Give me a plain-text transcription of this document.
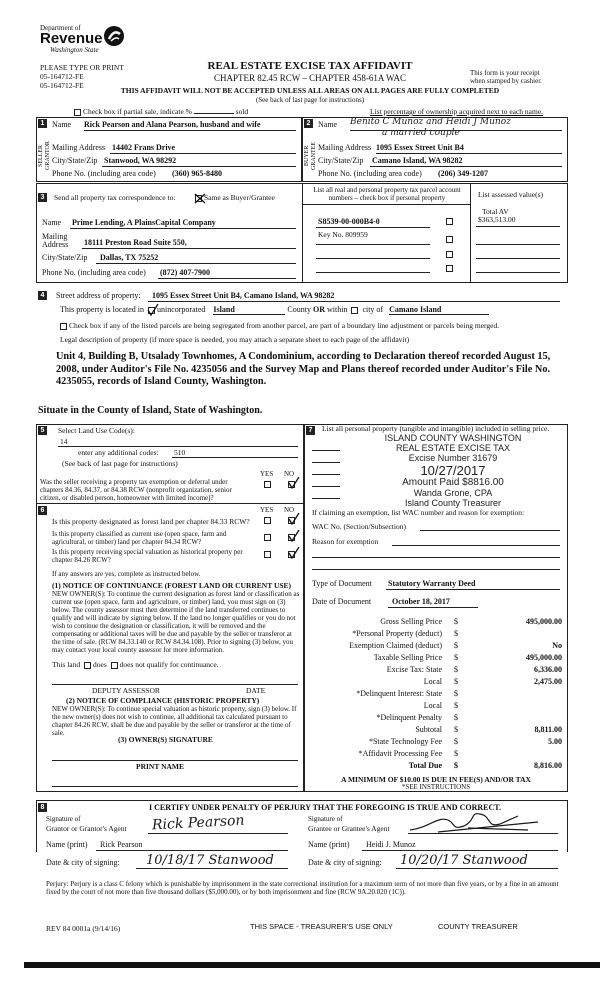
Department of
Revenue
Washington State
PLEASE TYPE OR PRINT
05-164712-FE
05-164712-FE
REAL ESTATE EXCISE TAX AFFIDAVIT
CHAPTER 82.45 RCW – CHAPTER 458-61A WAC	This form is your receipt
when stamped by cashier.
THIS AFFIDAVIT WILL NOT BE ACCEPTED UNLESS ALL AREAS ON ALL PAGES ARE FULLY COMPLETED
(See back of last page for instructions)
Check box if partial sale, indicate %	sold	List percentage of ownership acquired next to each name.
1
SELLER GRANTOR
Name Rick Pearson and Alana Pearson, husband and wife
Mailing Address 14402 Frans Drive
City/State/Zip Stanwood, WA 98292
Phone No. (including area code) (360) 965-8480
2
BUYER GRANTEE
Name Benito C Munoz and Heidi J Munoz
a married couple
Mailing Address 1095 Essex Street Unit B4
City/State/Zip Camano Island, WA 98282
Phone No. (including area code) (206) 349-1207
3	Send all property tax correspondence to:	Same as Buyer/Grantee
Name Prime Lending, A PlainsCapital Company
Mailing
Address 18111 Preston Road Suite 550,
City/State/Zip Dallas, TX 75252
Phone No. (including area code) (872) 407-7900
List all real and personal property tax parcel account
numbers – check box if personal property	List assessed value(s)
S8539-00-000B4-0
Total AV
$363,513.00
Key No. 809959
4	Street address of property: 1095 Essex Street Unit B4, Camano Island, WA 98282
This property is located in unincorporated Island	County OR within city of Camano Island
Check box if any of the listed parcels are being segregated from another parcel, are part of a boundary line adjustment or parcels being merged.
Legal description of property (if more space is needed, you may attach a separate sheet to each page of the affidavit)
Unit 4, Building B, Utsalady Townhomes, A Condominium, according to Declaration thereof recorded August 15, 2008, under Auditor's File No. 4235056 and the Survey Map and Plans thereof recorded under Auditor's File No. 4235055, records of Island County, Washington.
Situate in the County of Island, State of Washington.
5	Select Land Use Code(s):
14
enter any additional codes: 510
(See back of last page for instructions)
YES NO
Was the seller receiving a property tax exemption or deferral under chapters 84.36, 84.37, or 84.38 RCW (nonprofit organization, senior citizen, or disabled person, homeowner with limited income)?
6	YES NO
Is this property designated as forest land per chapter 84.33 RCW?
Is this property classified as current use (open space, farm and agricultural, or timber) land per chapter 84.34 RCW?
Is this property receiving special valuation as historical property per chapter 84.26 RCW?
If any answers are yes, complete as instructed below.
(1) NOTICE OF CONTINUANCE (FOREST LAND OR CURRENT USE)
NEW OWNER(S): To continue the current designation as forest land or classification as current use (open space, farm and agriculture, or timber) land, you must sign on (3) below. The county assessor must then determine if the land transferred continues to qualify and will indicate by signing below. If the land no longer qualifies or you do not wish to continue the designation or classification, it will be removed and the compensating or additional taxes will be due and payable by the seller or transferor at the time of sale. (RCW 84.33.140 or RCW 84.34.108). Prior to signing (3) below, you may contact your local county assessor for more information.
This land does does not qualify for continuance.
DEPUTY ASSESSOR	DATE
(2) NOTICE OF COMPLIANCE (HISTORIC PROPERTY)
NEW OWNER(S): To continue special valuation as historic property, sign (3) below. If the new owner(s) does not wish to continue, all additional tax calculated pursuant to chapter 84.26 RCW, shall be due and payable by the seller or transferor at the time of sale.
(3) OWNER(S) SIGNATURE
PRINT NAME
7	List all personal property (tangible and intangible) included in selling price.
ISLAND COUNTY WASHINGTON
REAL ESTATE EXCISE TAX
Excise Number 31679
10/27/2017
Amount Paid $8816.00
Wanda Grone, CPA
Island County Treasurer
If claiming an exemption, list WAC number and reason for exemption:
WAC No. (Section/Subsection)
Reason for exemption
Type of Document Statutory Warranty Deed
Date of Document	October 18, 2017
Gross Selling Price $	495,000.00
*Personal Property (deduct) $
Exemption Claimed (deduct) $	No
Taxable Selling Price $	495,000.00
Excise Tax: State $	6,336.00
Local $	2,475.00
*Delinquent Interest: State $
Local $
*Delinquent Penalty $
Subtotal $	8,811.00
*State Technology Fee $	5.00
*Affidavit Processing Fee $
Total Due $	8,816.00
A MINIMUM OF $10.00 IS DUE IN FEE(S) AND/OR TAX
*SEE INSTRUCTIONS
8	I CERTIFY UNDER PENALTY OF PERJURY THAT THE FOREGOING IS TRUE AND CORRECT.
Signature of
Grantor or Grantor's Agent Rick Pearson	Signature of
Grantee or Grantee's Agent
Name (print) Rick Pearson	Name (print) Heidi J. Munoz
Date & city of signing: 10/18/17 Stanwood	Date & city of signing: 10/20/17 Stanwood
Perjury: Perjury is a class C felony which is punishable by imprisonment in the state correctional institution for a maximum term of not more than five years, or by a fine in an amount fixed by the court of not more than five thousand dollars ($5,000.00), or by both imprisonment and fine (RCW 9A.20.020 (1C)).
REV 84 0001a (9/14/16)	THIS SPACE - TREASURER'S USE ONLY	COUNTY TREASURER
